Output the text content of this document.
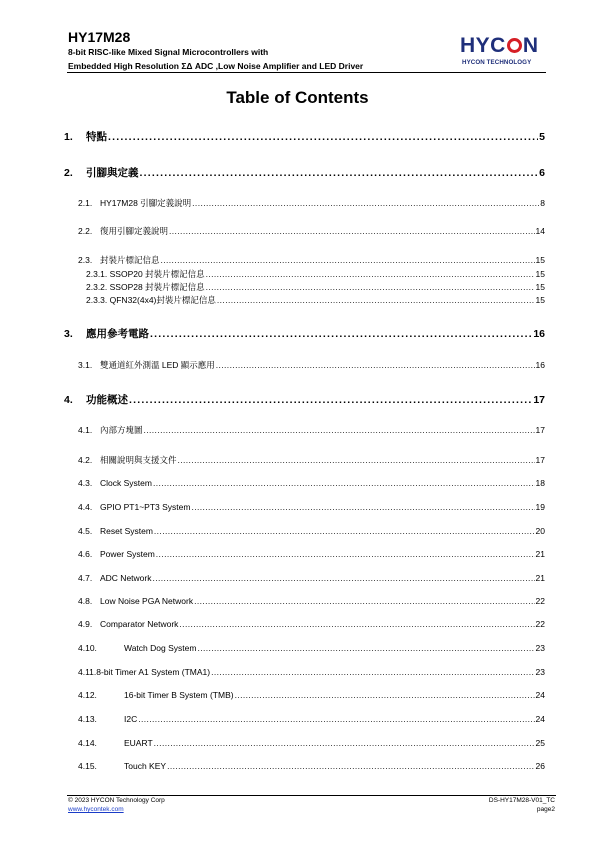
HY17M28
8-bit RISC-like Mixed Signal Microcontrollers with
Embedded High Resolution ΣΔ ADC ,Low Noise Amplifier and LED Driver
HYC N
HYCON TECHNOLOGY
Table of Contents
1.	特點 .....	5
2.	引腳與定義 .....	6
2.1. HY17M28 引腳定義說明 .....	8
2.2. 復用引腳定義說明 .....	14
2.3. 封裝片標記信息 .....	15
2.3.1. SSOP20 封裝片標記信息 .....	15
2.3.2. SSOP28 封裝片標記信息 .....	15
2.3.3. QFN32(4x4)封裝片標記信息 .....	15
3.	應用參考電路 .....	16
3.1. 雙通道紅外測溫 LED 顯示應用 .....	16
4.	功能概述 .....	17
4.1. 內部方塊圖 .....	17
4.2. 相關說明與支援文件 .....	17
4.3. Clock System .....	18
4.4. GPIO PT1~PT3 System .....	19
4.5. Reset System .....	20
4.6. Power System .....	21
4.7. ADC Network .....	21
4.8. Low Noise PGA Network .....	22
4.9. Comparator Network .....	22
4.10.	Watch Dog System .....	23
4.11.8-bit Timer A1 System (TMA1) .....	23
4.12.	16-bit Timer B System (TMB) .....	24
4.13.	I2C .....	24
4.14.	EUART .....	25
4.15.	Touch KEY .....	26
© 2023 HYCON Technology Corp
www.hycontek.com
DS-HY17M28-V01_TC
page2
